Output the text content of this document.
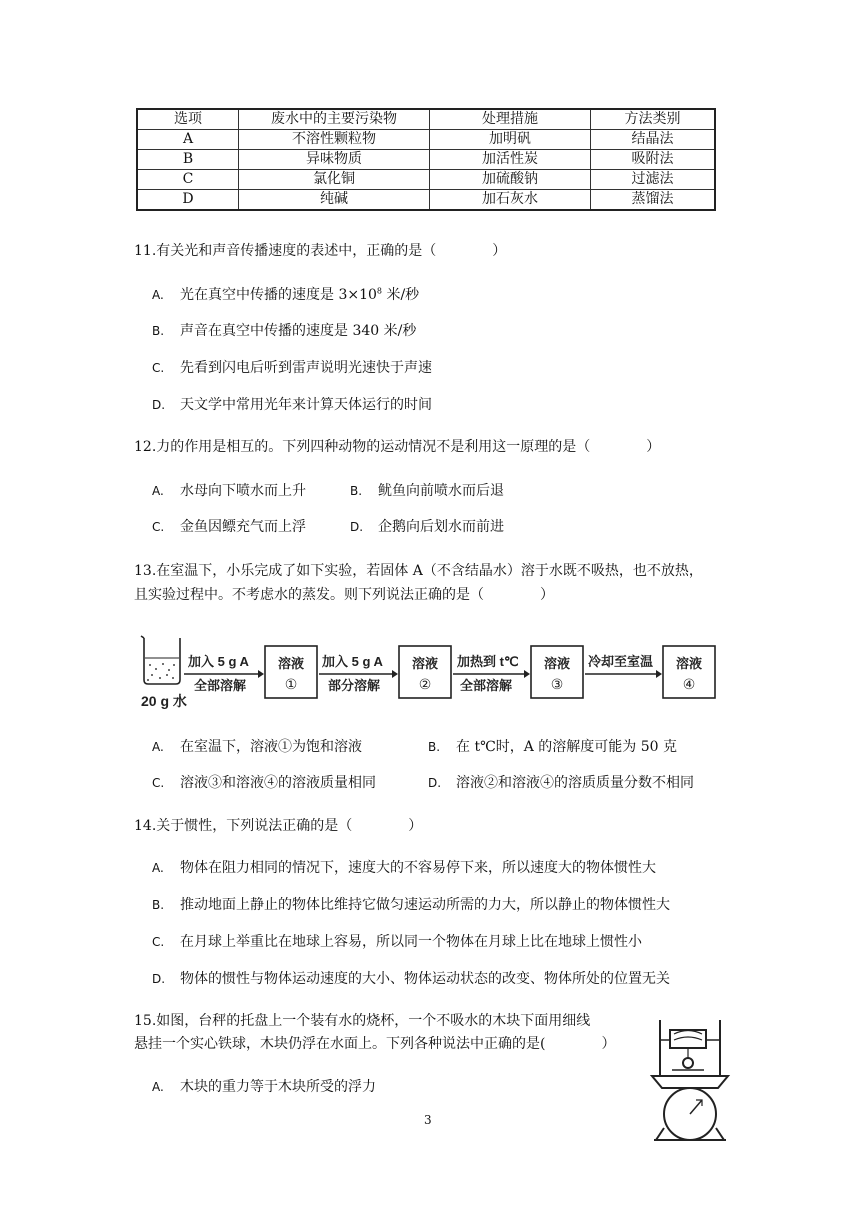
选项	废水中的主要污染物	处理措施	方法类别
A	不溶性颗粒物	加明矾	结晶法
B	异味物质	加活性炭	吸附法
C	氯化铜	加硫酸钠	过滤法
D	纯碱	加石灰水	蒸馏法
11.有关光和声音传播速度的表述中，正确的是（　　　　）
A. 光在真空中传播的速度是 $3\times 10^8$ 米/秒
B. 声音在真空中传播的速度是 340 米/秒
C. 先看到闪电后听到雷声说明光速快于声速
D. 天文学中常用光年来计算天体运行的时间
12.力的作用是相互的。下列四种动物的运动情况不是利用这一原理的是（　　　　）
A. 水母向下喷水而上升	B. 鱿鱼向前喷水而后退
C. 金鱼因鳔充气而上浮	D. 企鹅向后划水而前进
13.在室温下，小乐完成了如下实验，若固体 A（不含结晶水）溶于水既不吸热，也不放热，
且实验过程中。不考虑水的蒸发。则下列说法正确的是（　　　　）
20 g 水
加入 5 g A
全部溶解
溶液
①
加入 5 g A
部分溶解
溶液
②
加热到 t℃
全部溶解
溶液
③
冷却至室温 溶液
④
A. 在室温下，溶液①为饱和溶液	B. 在 t℃时，A 的溶解度可能为 50 克
C. 溶液③和溶液④的溶液质量相同	D. 溶液②和溶液④的溶质质量分数不相同
14.关于惯性，下列说法正确的是（　　　　）
A. 物体在阻力相同的情况下，速度大的不容易停下来，所以速度大的物体惯性大
B. 推动地面上静止的物体比维持它做匀速运动所需的力大，所以静止的物体惯性大
C. 在月球上举重比在地球上容易，所以同一个物体在月球上比在地球上惯性小
D. 物体的惯性与物体运动速度的大小、物体运动状态的改变、物体所处的位置无关
15.如图，台秤的托盘上一个装有水的烧杯，一个不吸水的木块下面用细线
悬挂一个实心铁球，木块仍浮在水面上。下列各种说法中正确的是(　　　　）
A. 木块的重力等于木块所受的浮力
3
